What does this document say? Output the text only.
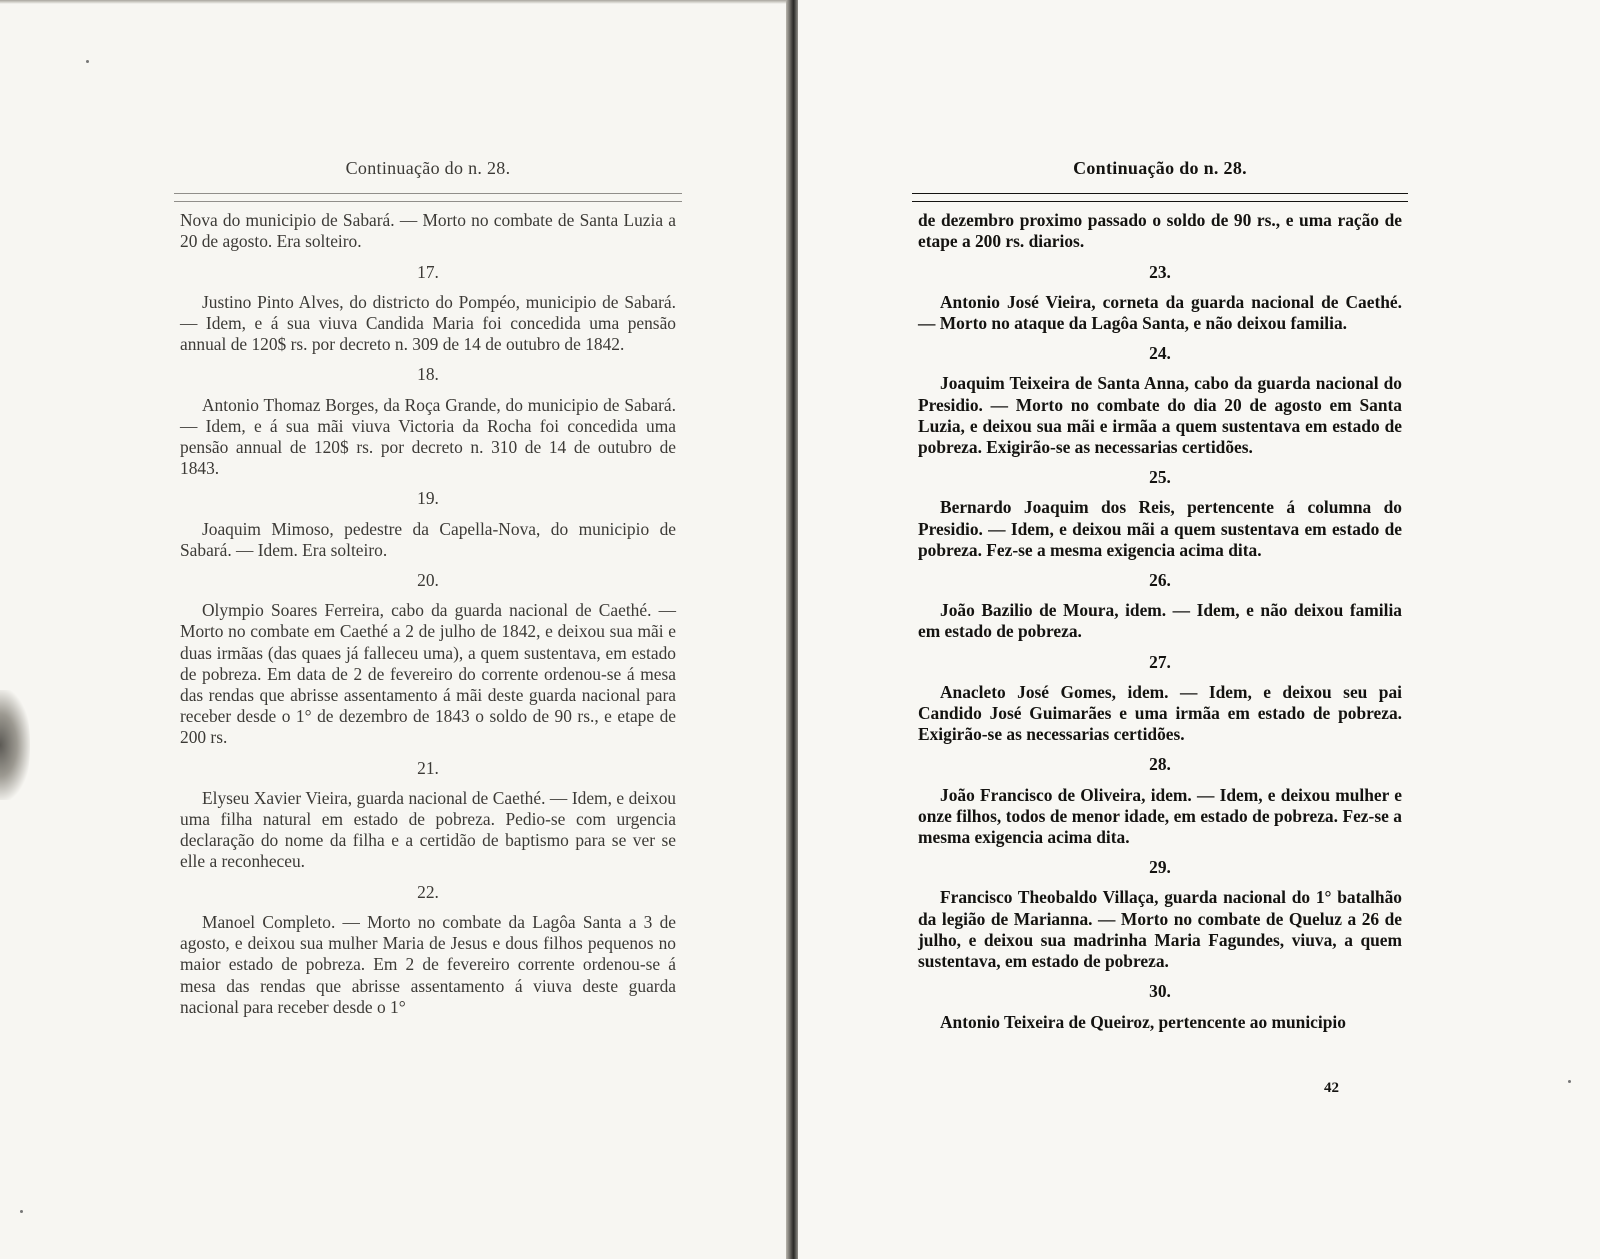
Continuação do n. 28.

Nova do municipio de Sabará. — Morto no combate de Santa Luzia a 20 de agosto. Era solteiro.

17.

Justino Pinto Alves, do districto do Pompéo, municipio de Sabará. — Idem, e á sua viuva Candida Maria foi concedida uma pensão annual de 120$ rs. por decreto n. 309 de 14 de outubro de 1842.

18.

Antonio Thomaz Borges, da Roça Grande, do municipio de Sabará. — Idem, e á sua mãi viuva Victoria da Rocha foi concedida uma pensão annual de 120$ rs. por decreto n. 310 de 14 de outubro de 1843.

19.

Joaquim Mimoso, pedestre da Capella-Nova, do municipio de Sabará. — Idem. Era solteiro.

20.

Olympio Soares Ferreira, cabo da guarda nacional de Caethé. — Morto no combate em Caethé a 2 de julho de 1842, e deixou sua mãi e duas irmãas (das quaes já falleceu uma), a quem sustentava, em estado de pobreza. Em data de 2 de fevereiro do corrente ordenou-se á mesa das rendas que abrisse assentamento á mãi deste guarda nacional para receber desde o 1° de dezembro de 1843 o soldo de 90 rs., e etape de 200 rs.

21.

Elyseu Xavier Vieira, guarda nacional de Caethé. — Idem, e deixou uma filha natural em estado de pobreza. Pedio-se com urgencia declaração do nome da filha e a certidão de baptismo para se ver se elle a reconheceu.

22.

Manoel Completo. — Morto no combate da Lagôa Santa a 3 de agosto, e deixou sua mulher Maria de Jesus e dous filhos pequenos no maior estado de pobreza. Em 2 de fevereiro corrente ordenou-se á mesa das rendas que abrisse assentamento á viuva deste guarda nacional para receber desde o 1°

Continuação do n. 28.

de dezembro proximo passado o soldo de 90 rs., e uma ração de etape a 200 rs. diarios.

23.

Antonio José Vieira, corneta da guarda nacional de Caethé. — Morto no ataque da Lagôa Santa, e não deixou familia.

24.

Joaquim Teixeira de Santa Anna, cabo da guarda nacional do Presidio. — Morto no combate do dia 20 de agosto em Santa Luzia, e deixou sua mãi e irmãa a quem sustentava em estado de pobreza. Exigirão-se as necessarias certidões.

25.

Bernardo Joaquim dos Reis, pertencente á columna do Presidio. — Idem, e deixou mãi a quem sustentava em estado de pobreza. Fez-se a mesma exigencia acima dita.

26.

João Bazilio de Moura, idem. — Idem, e não deixou familia em estado de pobreza.

27.

Anacleto José Gomes, idem. — Idem, e deixou seu pai Candido José Guimarães e uma irmãa em estado de pobreza. Exigirão-se as necessarias certidões.

28.

João Francisco de Oliveira, idem. — Idem, e deixou mulher e onze filhos, todos de menor idade, em estado de pobreza. Fez-se a mesma exigencia acima dita.

29.

Francisco Theobaldo Villaça, guarda nacional do 1° batalhão da legião de Marianna. — Morto no combate de Queluz a 26 de julho, e deixou sua madrinha Maria Fagundes, viuva, a quem sustentava, em estado de pobreza.

30.

Antonio Teixeira de Queiroz, pertencente ao municipio

42
